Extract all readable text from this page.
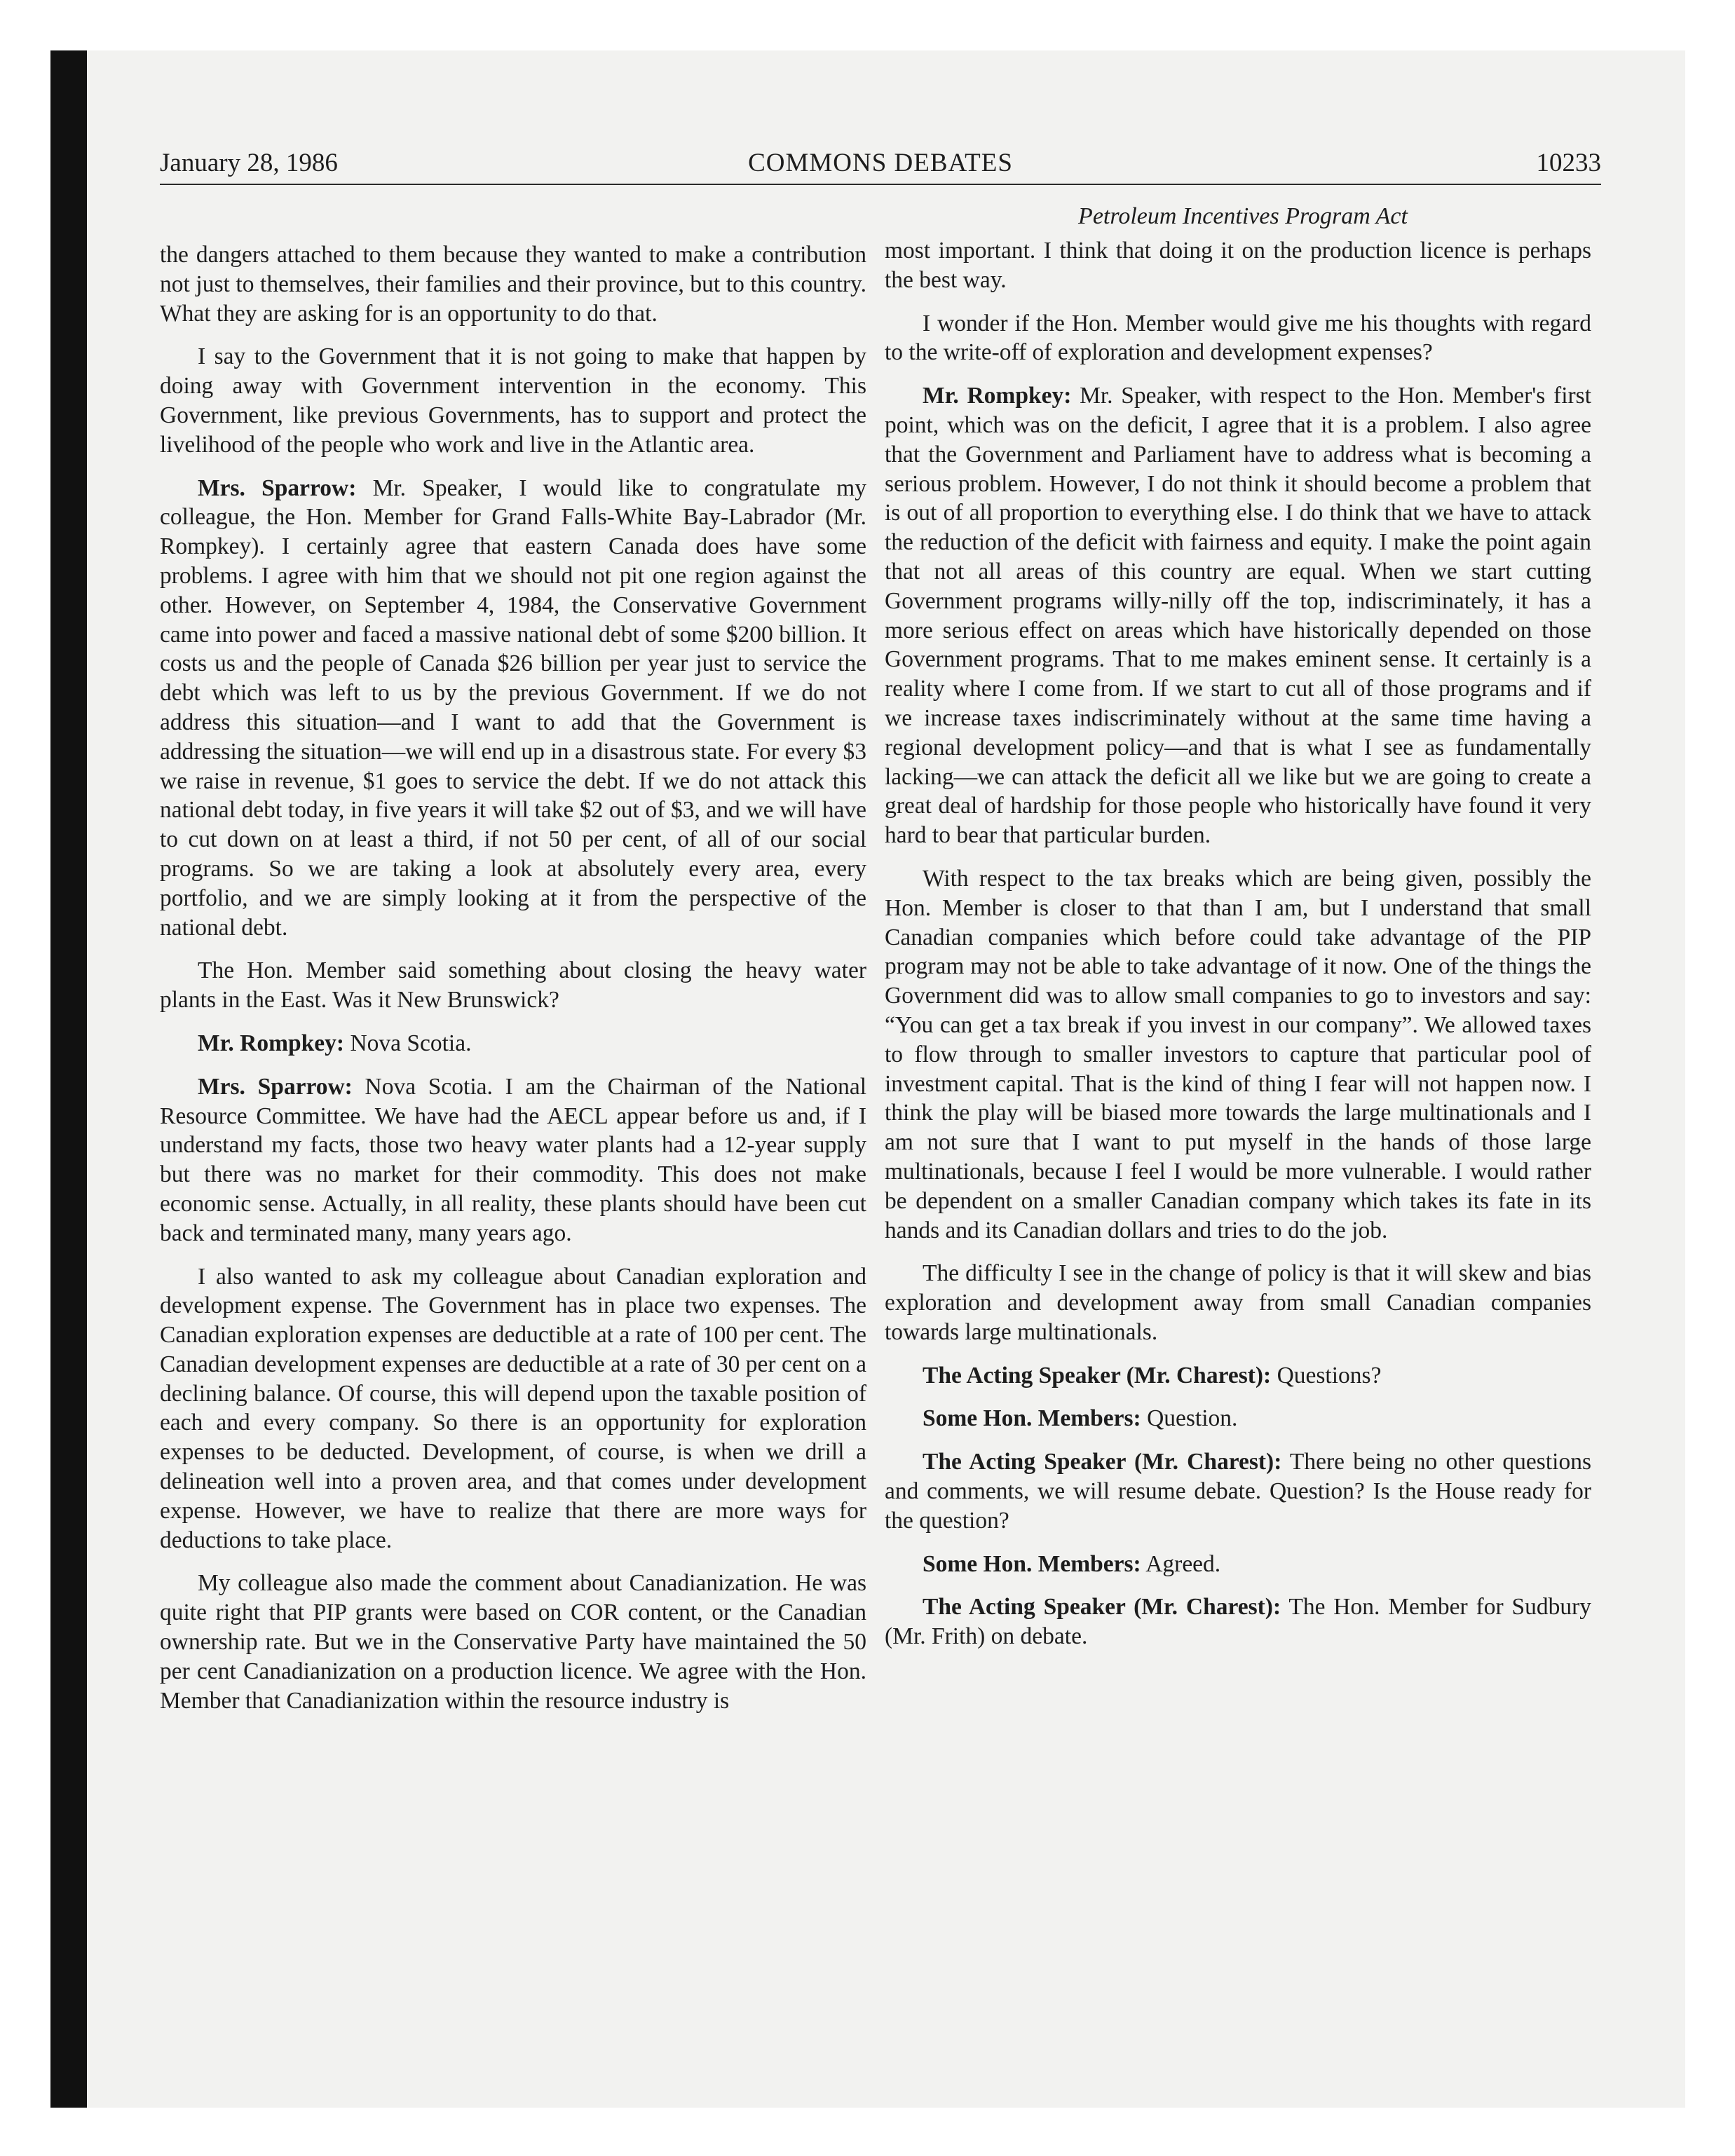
January 28, 1986	COMMONS DEBATES	10233
Petroleum Incentives Program Act

the dangers attached to them because they wanted to make a contribution not just to themselves, their families and their province, but to this country. What they are asking for is an opportunity to do that.

I say to the Government that it is not going to make that happen by doing away with Government intervention in the economy. This Government, like previous Governments, has to support and protect the livelihood of the people who work and live in the Atlantic area.

Mrs. Sparrow: Mr. Speaker, I would like to congratulate my colleague, the Hon. Member for Grand Falls-White Bay-Labrador (Mr. Rompkey). I certainly agree that eastern Canada does have some problems. I agree with him that we should not pit one region against the other. However, on September 4, 1984, the Conservative Government came into power and faced a massive national debt of some $200 billion. It costs us and the people of Canada $26 billion per year just to service the debt which was left to us by the previous Government. If we do not address this situation—and I want to add that the Government is addressing the situation—we will end up in a disastrous state. For every $3 we raise in revenue, $1 goes to service the debt. If we do not attack this national debt today, in five years it will take $2 out of $3, and we will have to cut down on at least a third, if not 50 per cent, of all of our social programs. So we are taking a look at absolutely every area, every portfolio, and we are simply looking at it from the perspective of the national debt.

The Hon. Member said something about closing the heavy water plants in the East. Was it New Brunswick?

Mr. Rompkey: Nova Scotia.

Mrs. Sparrow: Nova Scotia. I am the Chairman of the National Resource Committee. We have had the AECL appear before us and, if I understand my facts, those two heavy water plants had a 12-year supply but there was no market for their commodity. This does not make economic sense. Actually, in all reality, these plants should have been cut back and terminated many, many years ago.

I also wanted to ask my colleague about Canadian exploration and development expense. The Government has in place two expenses. The Canadian exploration expenses are deductible at a rate of 100 per cent. The Canadian development expenses are deductible at a rate of 30 per cent on a declining balance. Of course, this will depend upon the taxable position of each and every company. So there is an opportunity for exploration expenses to be deducted. Development, of course, is when we drill a delineation well into a proven area, and that comes under development expense. However, we have to realize that there are more ways for deductions to take place.

My colleague also made the comment about Canadianization. He was quite right that PIP grants were based on COR content, or the Canadian ownership rate. But we in the Conservative Party have maintained the 50 per cent Canadianization on a production licence. We agree with the Hon. Member that Canadianization within the resource industry is

most important. I think that doing it on the production licence is perhaps the best way.

I wonder if the Hon. Member would give me his thoughts with regard to the write-off of exploration and development expenses?

Mr. Rompkey: Mr. Speaker, with respect to the Hon. Member's first point, which was on the deficit, I agree that it is a problem. I also agree that the Government and Parliament have to address what is becoming a serious problem. However, I do not think it should become a problem that is out of all proportion to everything else. I do think that we have to attack the reduction of the deficit with fairness and equity. I make the point again that not all areas of this country are equal. When we start cutting Government programs willy-nilly off the top, indiscriminately, it has a more serious effect on areas which have historically depended on those Government programs. That to me makes eminent sense. It certainly is a reality where I come from. If we start to cut all of those programs and if we increase taxes indiscriminately without at the same time having a regional development policy—and that is what I see as fundamentally lacking—we can attack the deficit all we like but we are going to create a great deal of hardship for those people who historically have found it very hard to bear that particular burden.

With respect to the tax breaks which are being given, possibly the Hon. Member is closer to that than I am, but I understand that small Canadian companies which before could take advantage of the PIP program may not be able to take advantage of it now. One of the things the Government did was to allow small companies to go to investors and say: “You can get a tax break if you invest in our company”. We allowed taxes to flow through to smaller investors to capture that particular pool of investment capital. That is the kind of thing I fear will not happen now. I think the play will be biased more towards the large multinationals and I am not sure that I want to put myself in the hands of those large multinationals, because I feel I would be more vulnerable. I would rather be dependent on a smaller Canadian company which takes its fate in its hands and its Canadian dollars and tries to do the job.

The difficulty I see in the change of policy is that it will skew and bias exploration and development away from small Canadian companies towards large multinationals.

The Acting Speaker (Mr. Charest): Questions?

Some Hon. Members: Question.

The Acting Speaker (Mr. Charest): There being no other questions and comments, we will resume debate. Question? Is the House ready for the question?

Some Hon. Members: Agreed.

The Acting Speaker (Mr. Charest): The Hon. Member for Sudbury (Mr. Frith) on debate.
